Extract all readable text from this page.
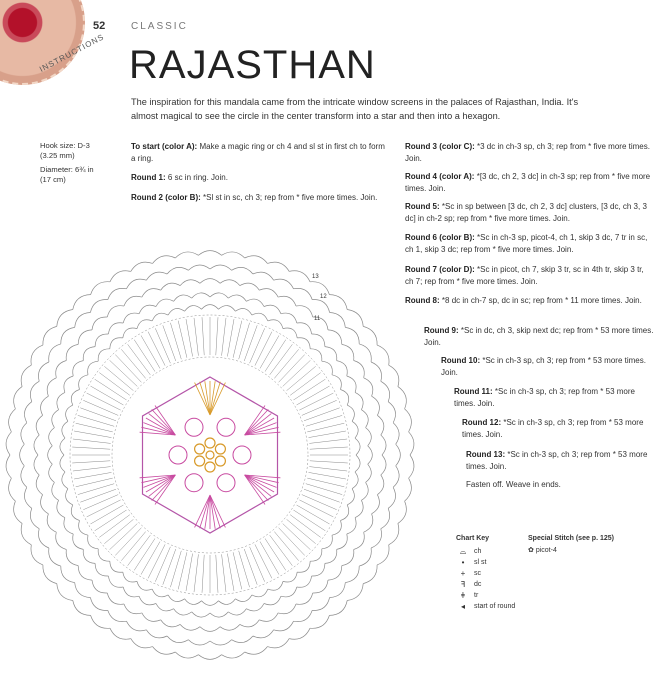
INSTRUCTIONS
52	CLASSIC
RAJASTHAN
The inspiration for this mandala came from the intricate window screens in the palaces of Rajasthan, India. It's almost magical to see the circle in the center transform into a star and then into a hexagon.

Hook size: D-3
(3.25 mm)

Diameter: 6¾ in
(17 cm)

To start (color A): Make a magic ring or ch 4 and sl st in first ch to form a ring.

Round 1: 6 sc in ring. Join.

Round 2 (color B): *Sl st in sc, ch 3; rep from * five more times. Join.

Round 3 (color C): *3 dc in ch-3 sp, ch 3; rep from * five more times. Join.

Round 4 (color A): *[3 dc, ch 2, 3 dc] in ch-3 sp; rep from * five more times. Join.

Round 5: *Sc in sp between [3 dc, ch 2, 3 dc] clusters, [3 dc, ch 3, 3 dc] in ch-2 sp; rep from * five more times. Join.

Round 6 (color B): *Sc in ch-3 sp, picot-4, ch 1, skip 3 dc, 7 tr in sc, ch 1, skip 3 dc; rep from * five more times. Join.

Round 7 (color D): *Sc in picot, ch 7, skip 3 tr, sc in 4th tr, skip 3 tr, ch 7; rep from * five more times. Join.

Round 8: *8 dc in ch-7 sp, dc in sc; rep from * 11 more times. Join.

Round 9: *Sc in dc, ch 3, skip next dc; rep from * 53 more times. Join.

Round 10: *Sc in ch-3 sp, ch 3; rep from * 53 more times. Join.

Round 11: *Sc in ch-3 sp, ch 3; rep from * 53 more times. Join.

Round 12: *Sc in ch-3 sp, ch 3; rep from * 53 more times. Join.

Round 13: *Sc in ch-3 sp, ch 3; rep from * 53 more times. Join.

Fasten off. Weave in ends.

Chart Key
⌓	ch
•	sl st
+	sc
ꟻ	dc
ǂ	tr
◂	start of round
Special Stitch (see p. 125)
✿ picot-4
13
12
11
